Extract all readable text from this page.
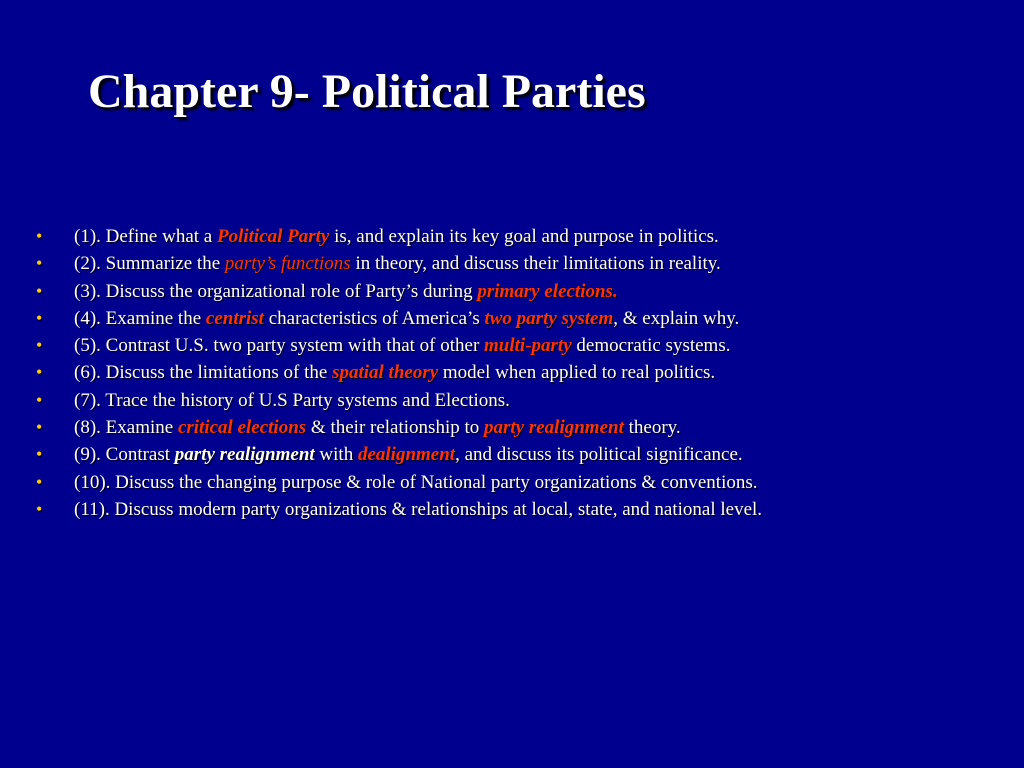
Chapter 9- Political Parties
• (1). Define what a Political Party is, and explain its key goal and purpose in politics.
• (2). Summarize the party’s functions in theory, and discuss their limitations in reality.
• (3). Discuss the organizational role of Party’s during primary elections.
• (4). Examine the centrist characteristics of America’s two party system, & explain why.
• (5). Contrast U.S. two party system with that of other multi-party democratic systems.
• (6). Discuss the limitations of the spatial theory model when applied to real politics.
• (7). Trace the history of U.S Party systems and Elections.
• (8). Examine critical elections & their relationship to party realignment theory.
• (9). Contrast party realignment with dealignment, and discuss its political significance.
• (10). Discuss the changing purpose & role of National party organizations & conventions.
• (11). Discuss modern party organizations & relationships at local, state, and national level.
